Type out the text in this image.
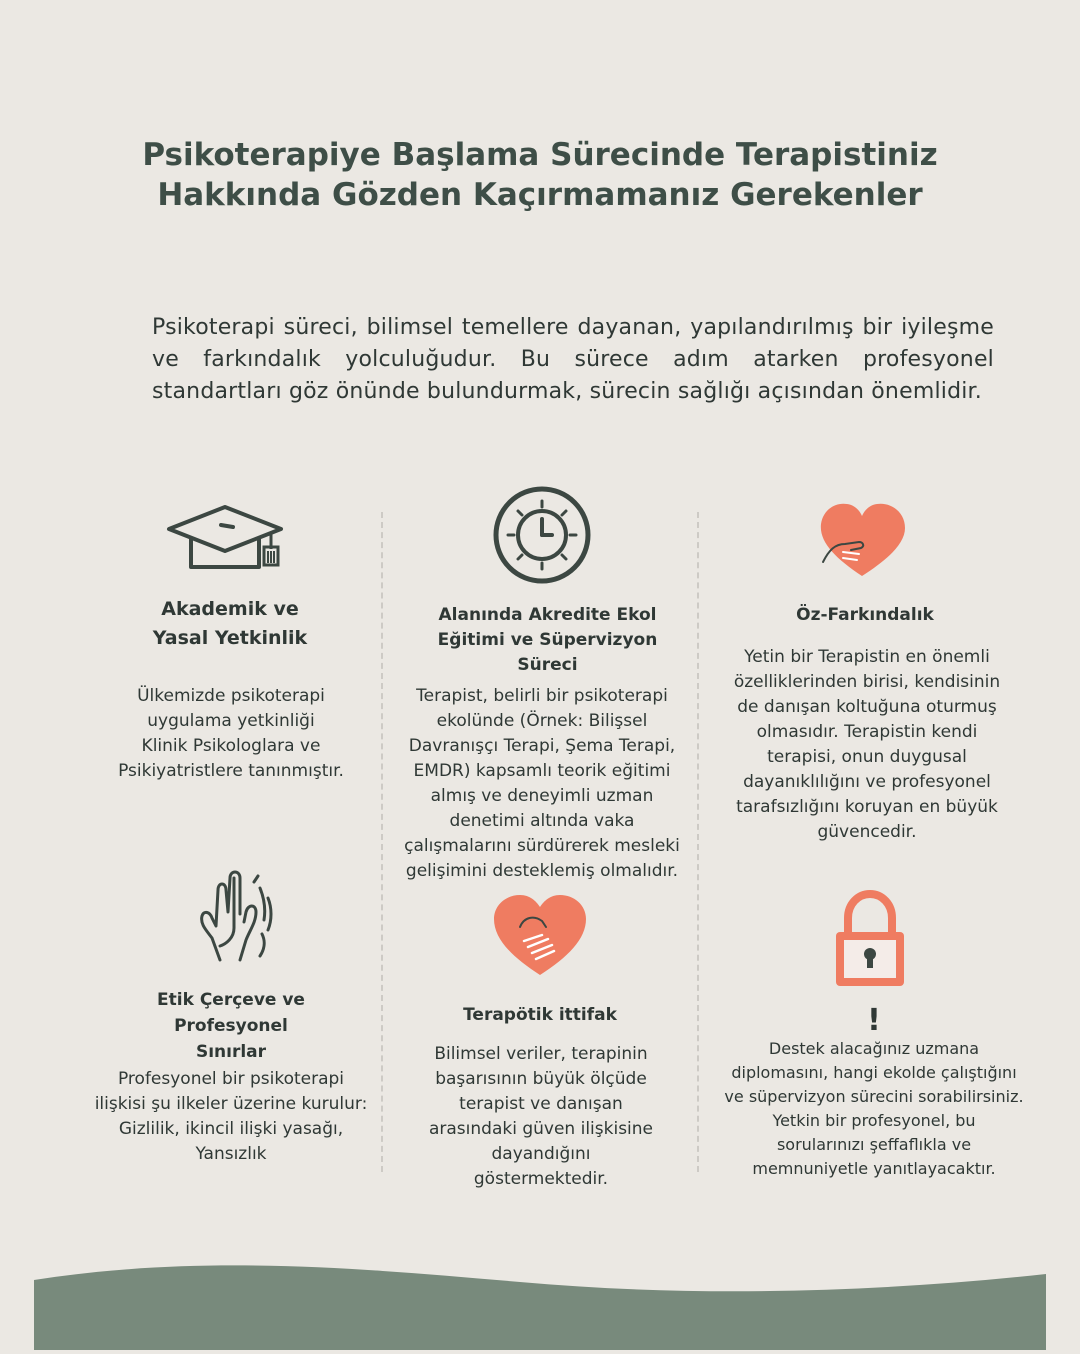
Psikoterapiye Başlama Sürecinde Terapistiniz
Hakkında Gözden Kaçırmamanız Gerekenler

Psikoterapi süreci, bilimsel temellere dayanan, yapılandırılmış bir iyileşme ve farkındalık yolculuğudur. Bu sürece adım atarken profesyonel standartları göz önünde bulundurmak, sürecin sağlığı açısından önemlidir.

Akademik ve
Yasal Yetkinlik

Ülkemizde psikoterapi
uygulama yetkinliği
Klinik Psikologlara ve
Psikiyatristlere tanınmıştır.

Alanında Akredite Ekol
Eğitimi ve Süpervizyon
Süreci

Terapist, belirli bir psikoterapi
ekolünde (Örnek: Bilişsel
Davranışçı Terapi, Şema Terapi,
EMDR) kapsamlı teorik eğitimi
almış ve deneyimli uzman
denetimi altında vaka
çalışmalarını sürdürerek mesleki
gelişimini desteklemiş olmalıdır.

Öz-Farkındalık

Yetin bir Terapistin en önemli
özelliklerinden birisi, kendisinin
de danışan koltuğuna oturmuş
olmasıdır. Terapistin kendi
terapisi, onun duygusal
dayanıklılığını ve profesyonel
tarafsızlığını koruyan en büyük
güvencedir.

Etik Çerçeve ve
Profesyonel
Sınırlar

Profesyonel bir psikoterapi
ilişkisi şu ilkeler üzerine kurulur:
Gizlilik, ikincil ilişki yasağı,
Yansızlık

Terapötik ittifak

Bilimsel veriler, terapinin
başarısının büyük ölçüde
terapist ve danışan
arasındaki güven ilişkisine
dayandığını
göstermektedir.

!

Destek alacağınız uzmana
diplomasını, hangi ekolde çalıştığını
ve süpervizyon sürecini sorabilirsiniz.
Yetkin bir profesyonel, bu
sorularınızı şeffaflıkla ve
memnuniyetle yanıtlayacaktır.
